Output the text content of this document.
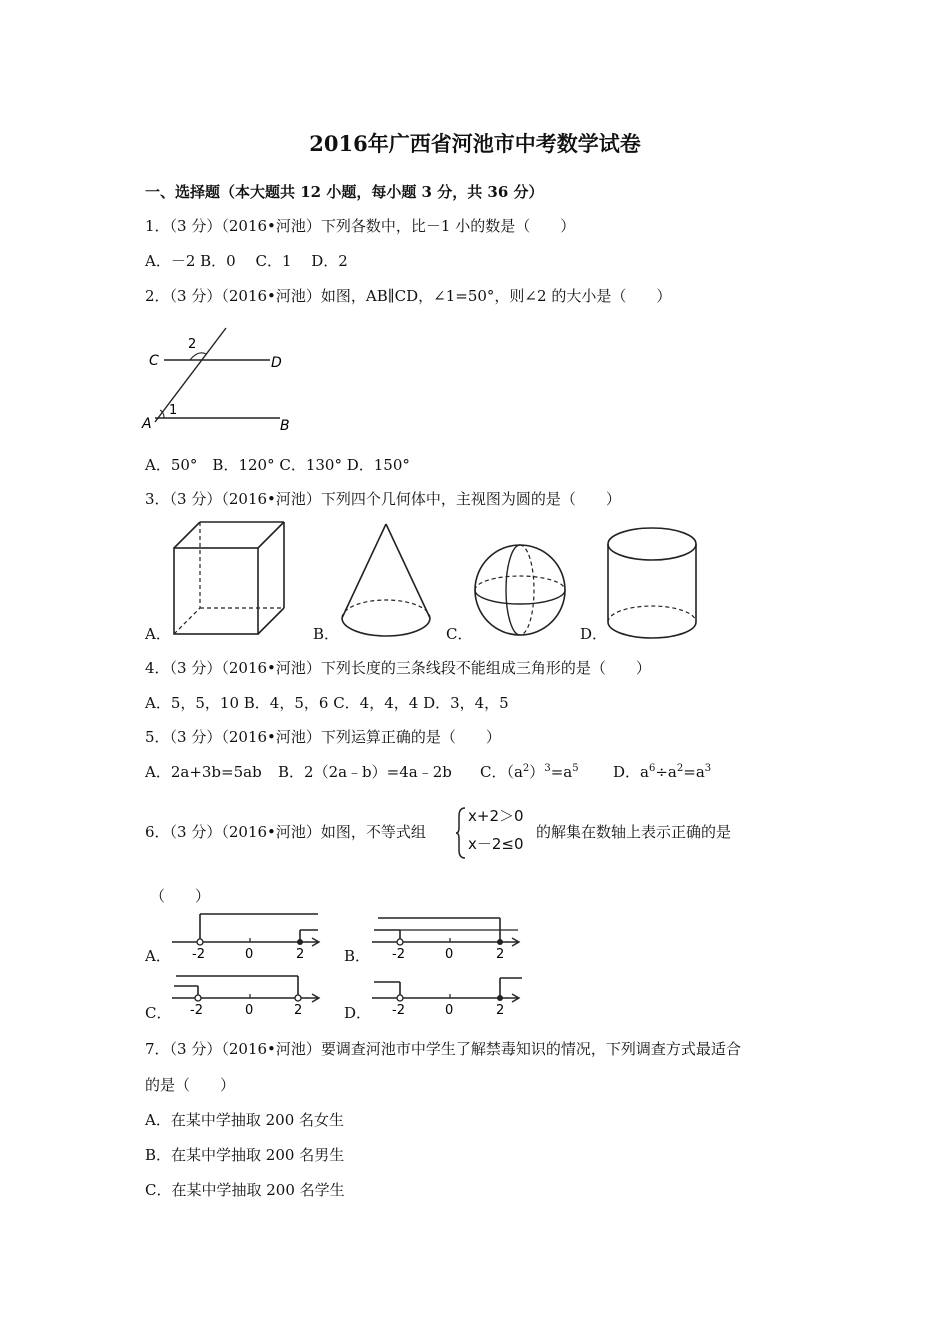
2016年广西省河池市中考数学试卷
一、选择题（本大题共 12 小题，每小题 3 分，共 36 分）
1．（3 分）（2016•河池）下列各数中，比－1 小的数是（　　）
A．－2 B．0　 C．1　 D．2
2．（3 分）（2016•河池）如图，AB∥CD，∠1=50°，则∠2 的大小是（　　）
C	D
A	B
1
2
A．50°　B．120° C．130° D．150°
3．（3 分）（2016•河池）下列四个几何体中，主视图为圆的是（　　）
A．	B．	C．	D．
4．（3 分）（2016•河池）下列长度的三条线段不能组成三角形的是（　　）
A．5，5，10 B．4，5，6 C．4，4，4 D．3，4，5
5．（3 分）（2016•河池）下列运算正确的是（　　）
A．2a+3b=5ab B．2（2a﹣b）=4a﹣2b C．$(a^2)^3=a^5$ D．$a^6\div a^2=a^3$
6．（3 分）（2016•河池）如图，不等式组
x+2＞0
x－2≤0
的解集在数轴上表示正确的是
（　　）
A． -2	0	2	B． -2	0	2
C． -2	0	2	D． -2	0	2
7．（3 分）（2016•河池）要调查河池市中学生了解禁毒知识的情况，下列调查方式最适合
的是（　　）
A．在某中学抽取 200 名女生
B．在某中学抽取 200 名男生
C．在某中学抽取 200 名学生
